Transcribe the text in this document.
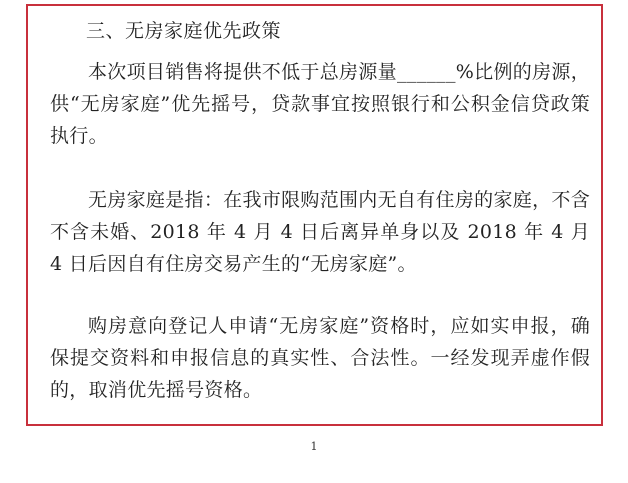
三、无房家庭优先政策

本次项目销售将提供不低于总房源量______%比例的房源，供“无房家庭”优先摇号，贷款事宜按照银行和公积金信贷政策执行。

无房家庭是指：在我市限购范围内无自有住房的家庭，不含不含未婚、2018 年 4 月 4 日后离异单身以及 2018 年 4 月 4 日后因自有住房交易产生的“无房家庭”。

购房意向登记人申请“无房家庭”资格时，应如实申报，确保提交资料和申报信息的真实性、合法性。一经发现弄虚作假的，取消优先摇号资格。

1
